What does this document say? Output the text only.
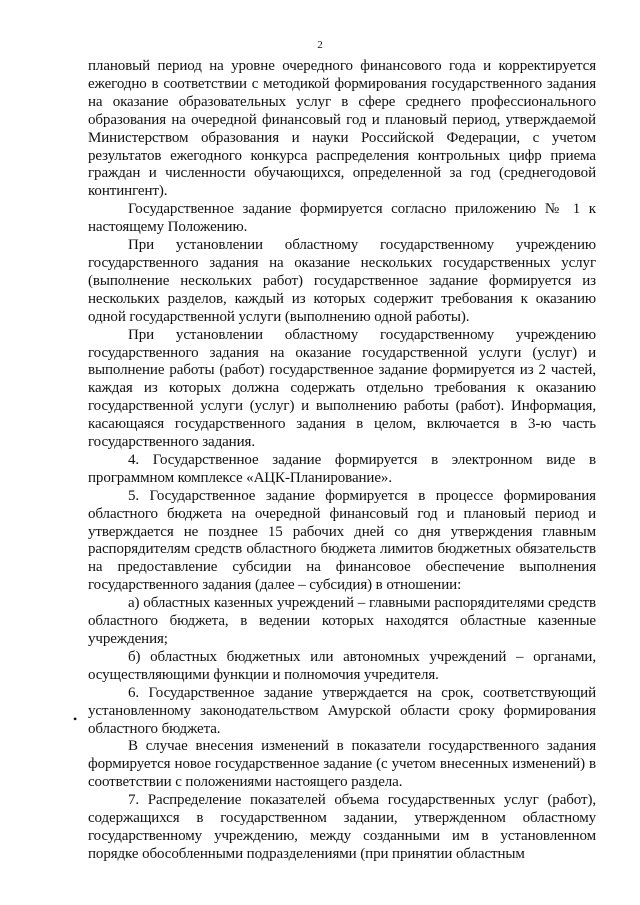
2
•

плановый период на уровне очередного финансового года и корректируется ежегодно в соответствии с методикой формирования государственного задания на оказание образовательных услуг в сфере среднего профессионального образования на очередной финансовый год и плановый период, утверждаемой Министерством образования и науки Российской Федерации, с учетом результатов ежегодного конкурса распределения контрольных цифр приема граждан и численности обучающихся, определенной за год (среднегодовой контингент).

Государственное задание формируется согласно приложению № 1 к настоящему Положению.

При установлении областному государственному учреждению государственного задания на оказание нескольких государственных услуг (выполнение нескольких работ) государственное задание формируется из нескольких разделов, каждый из которых содержит требования к оказанию одной государственной услуги (выполнению одной работы).

При установлении областному государственному учреждению государственного задания на оказание государственной услуги (услуг) и выполнение работы (работ) государственное задание формируется из 2 частей, каждая из которых должна содержать отдельно требования к оказанию государственной услуги (услуг) и выполнению работы (работ). Информация, касающаяся государственного задания в целом, включается в 3-ю часть государственного задания.

4. Государственное задание формируется в электронном виде в программном комплексе «АЦК-Планирование».

5. Государственное задание формируется в процессе формирования областного бюджета на очередной финансовый год и плановый период и утверждается не позднее 15 рабочих дней со дня утверждения главным распорядителям средств областного бюджета лимитов бюджетных обязательств на предоставление субсидии на финансовое обеспечение выполнения государственного задания (далее – субсидия) в отношении:

а) областных казенных учреждений – главными распорядителями средств областного бюджета, в ведении которых находятся областные казенные учреждения;

б) областных бюджетных или автономных учреждений – органами, осуществляющими функции и полномочия учредителя.

6. Государственное задание утверждается на срок, соответствующий установленному законодательством Амурской области сроку формирования областного бюджета.

В случае внесения изменений в показатели государственного задания формируется новое государственное задание (с учетом внесенных изменений) в соответствии с положениями настоящего раздела.

7. Распределение показателей объема государственных услуг (работ), содержащихся в государственном задании, утвержденном областному государственному учреждению, между созданными им в установленном порядке обособленными подразделениями (при принятии областным
